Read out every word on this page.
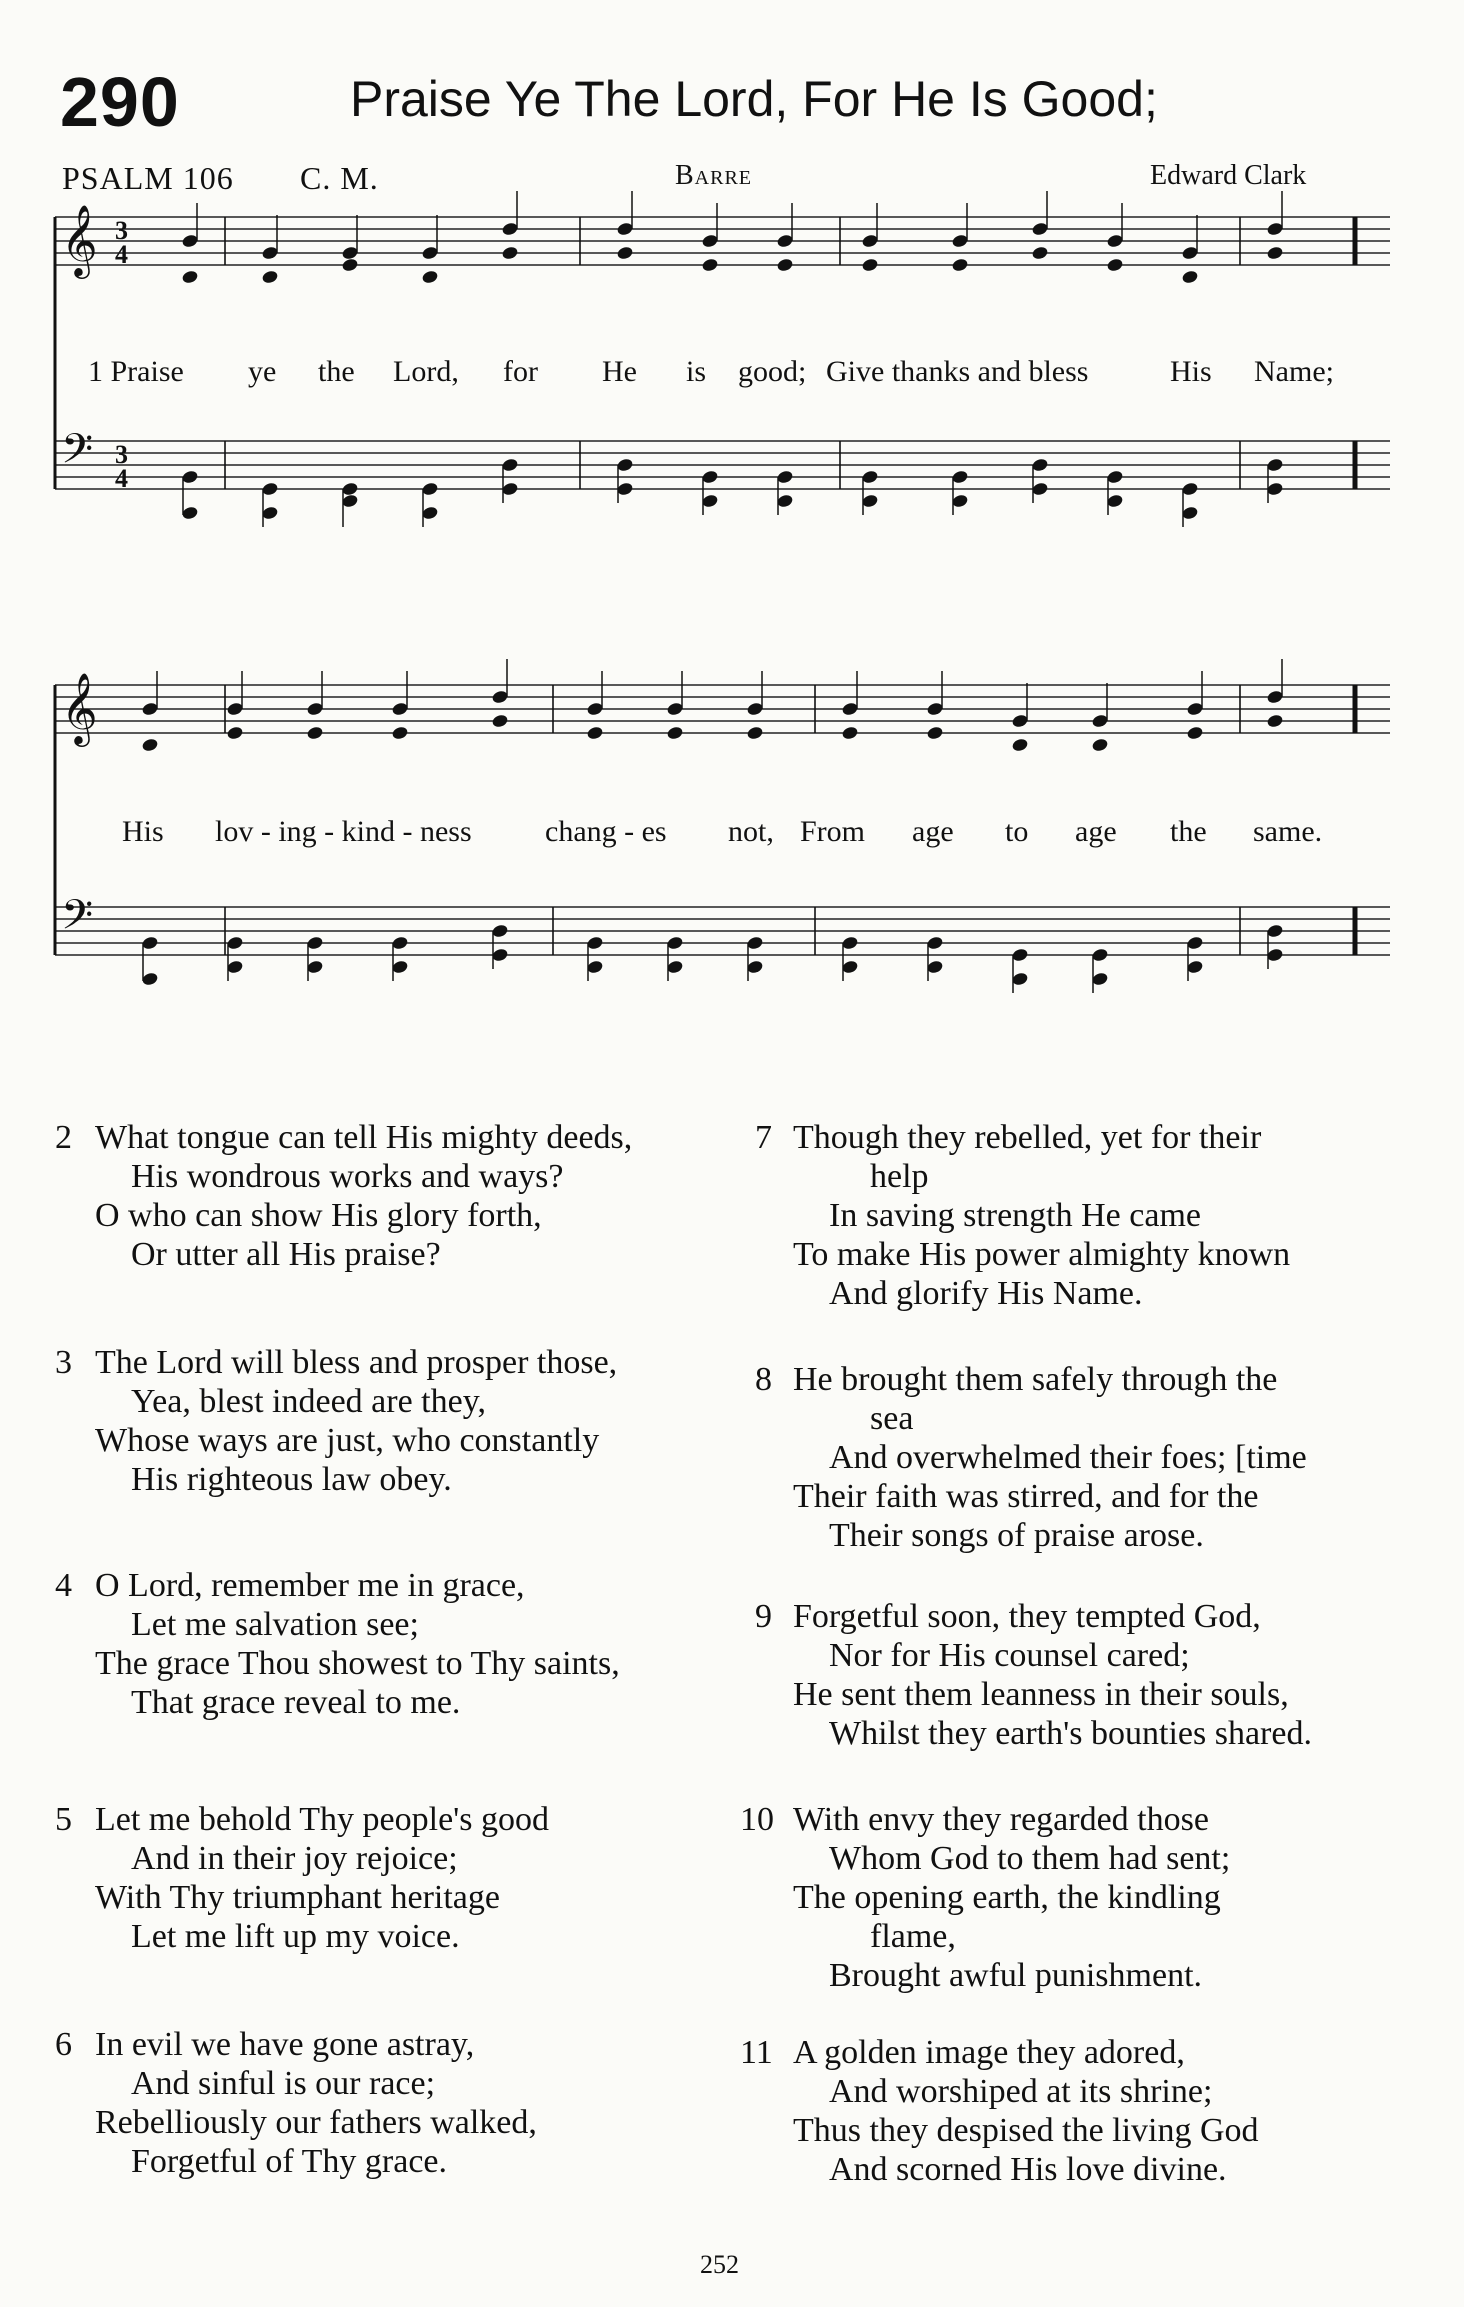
290	Praise Ye The Lord, For He Is Good;
PSALM 106 C. M.	Barre	Edward Clark
𝄞 3
4
𝄢 3
4
𝄞
𝄢
1 Praise ye the Lord, for He is good; Give thanks and bless	His Name;
His lov - ing - kind - ness chang - es not, From age to age the same.
2 What tongue can tell His mighty deeds,
His wondrous works and ways?
O who can show His glory forth,
Or utter all His praise?
3 The Lord will bless and prosper those,
Yea, blest indeed are they,
Whose ways are just, who constantly
His righteous law obey.
4 O Lord, remember me in grace,
Let me salvation see;
The grace Thou showest to Thy saints,
That grace reveal to me.
5 Let me behold Thy people's good
And in their joy rejoice;
With Thy triumphant heritage
Let me lift up my voice.
6 In evil we have gone astray,
And sinful is our race;
Rebelliously our fathers walked,
Forgetful of Thy grace.
7 Though they rebelled, yet for their
help
In saving strength He came
To make His power almighty known
And glorify His Name.
8 He brought them safely through the
sea
And overwhelmed their foes; [time
Their faith was stirred, and for the
Their songs of praise arose.
9 Forgetful soon, they tempted God,
Nor for His counsel cared;
He sent them leanness in their souls,
Whilst they earth's bounties shared.
10 With envy they regarded those
Whom God to them had sent;
The opening earth, the kindling
flame,
Brought awful punishment.
11 A golden image they adored,
And worshiped at its shrine;
Thus they despised the living God
And scorned His love divine.
252
